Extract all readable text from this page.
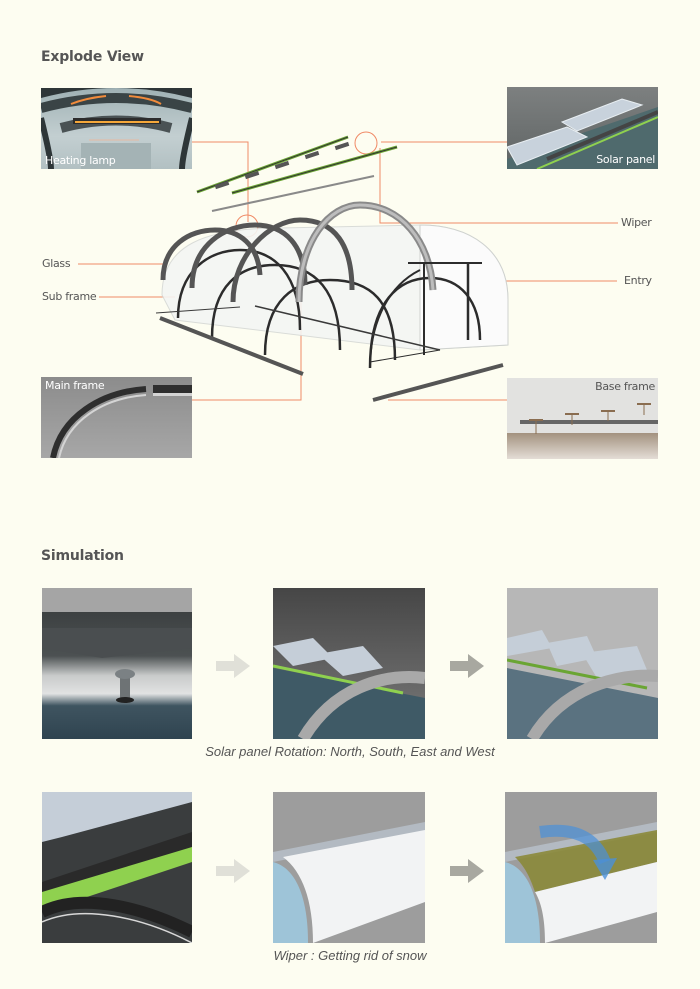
Explode View
Heating lamp	Solar panel
Main frame	Base frame
Wiper
Glass
Sub frame
Entry
Simulation
Solar panel Rotation: North, South, East and West
Wiper : Getting rid of snow
